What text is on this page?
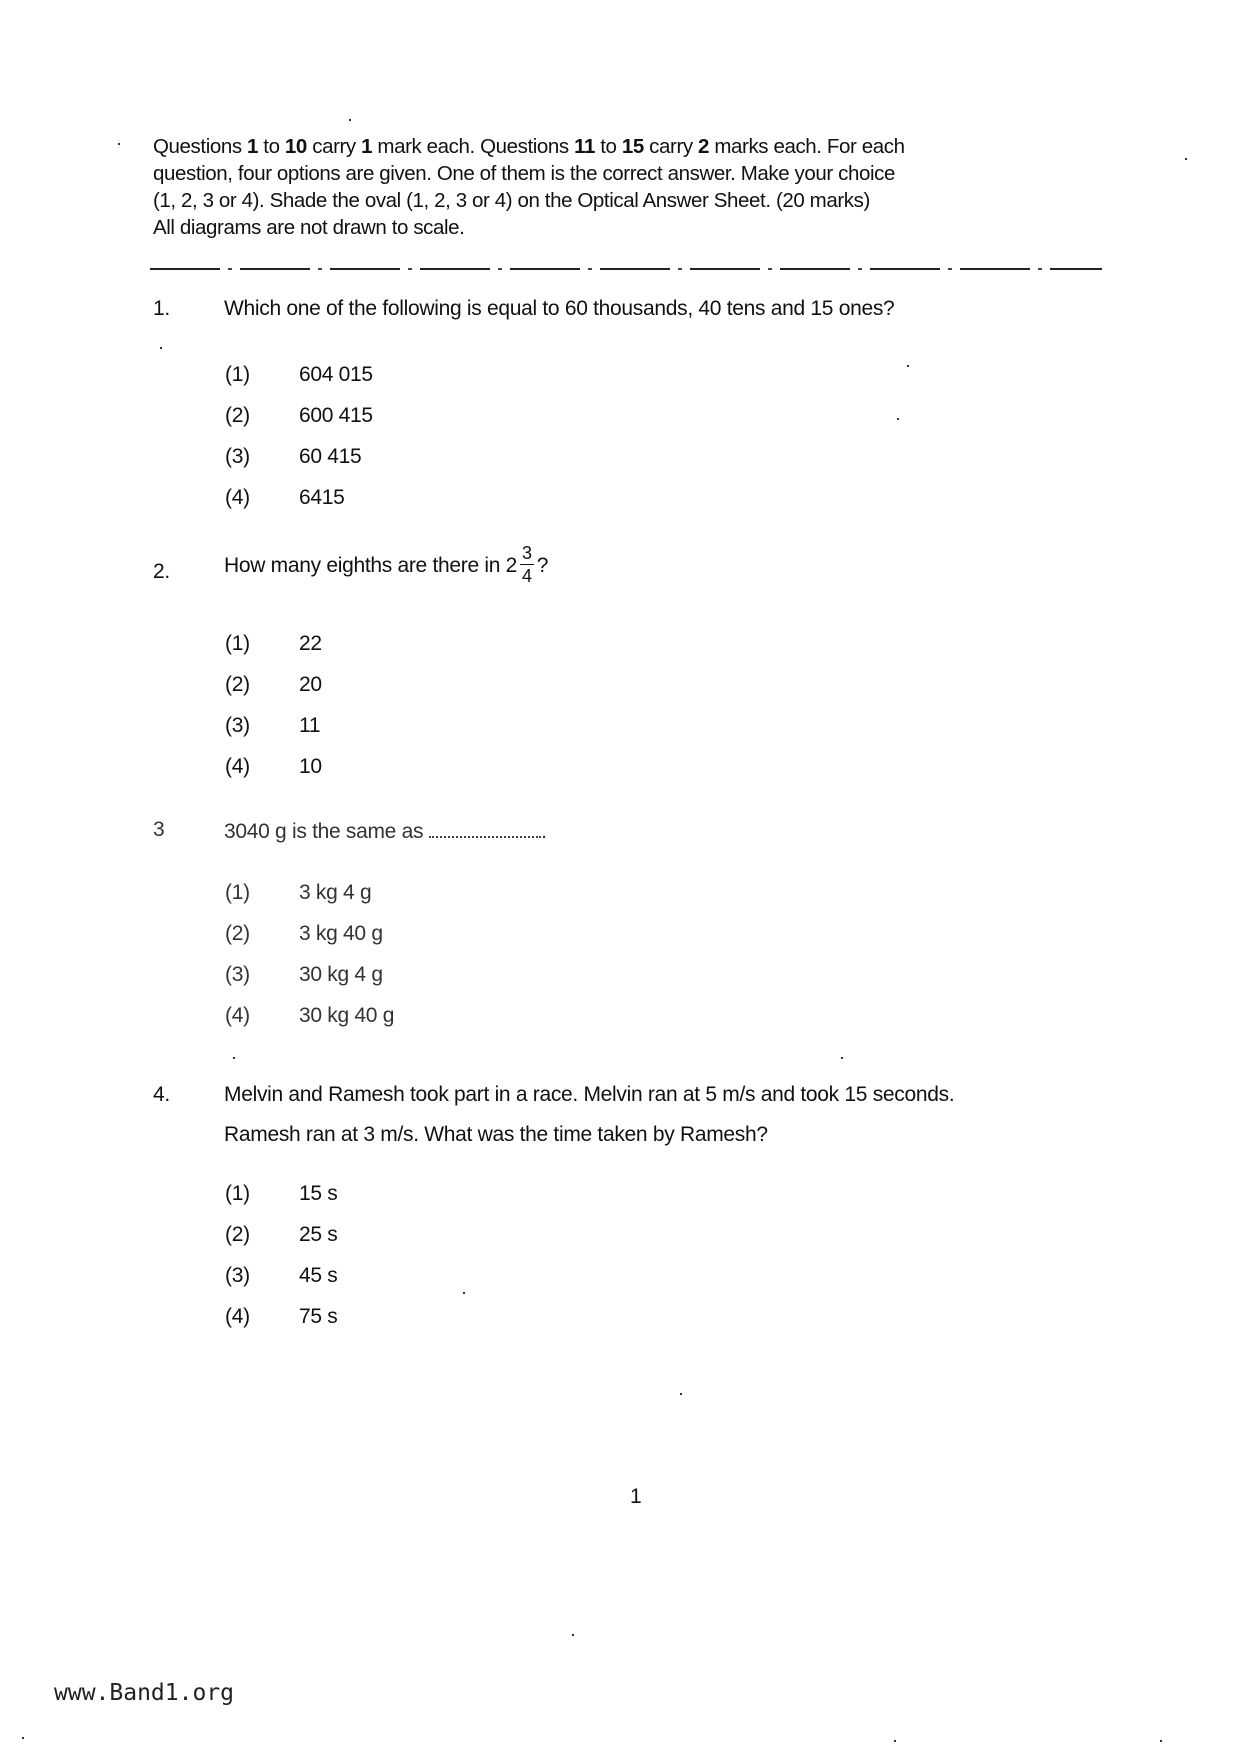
Questions 1 to 10 carry 1 mark each. Questions 11 to 15 carry 2 marks each. For each
question, four options are given. One of them is the correct answer. Make your choice
(1, 2, 3 or 4). Shade the oval (1, 2, 3 or 4) on the Optical Answer Sheet. (20 marks)
All diagrams are not drawn to scale.
1.	Which one of the following is equal to 60 thousands, 40 tens and 15 ones?
(1) 604 015
(2) 600 415
(3) 60 415
(4) 6415
2.	How many eighths are there in $2 \frac{3}{4}$ ?
(1) 22
(2) 20
(3) 11
(4) 10
3	3040 g is the same as	.
(1) 3 kg 4 g
(2) 3 kg 40 g
(3) 30 kg 4 g
(4) 30 kg 40 g
4.	Melvin and Ramesh took part in a race. Melvin ran at 5 m/s and took 15 seconds.
Ramesh ran at 3 m/s. What was the time taken by Ramesh?
(1) 15 s
(2) 25 s
(3) 45 s
(4) 75 s
1
www.Band1.org
